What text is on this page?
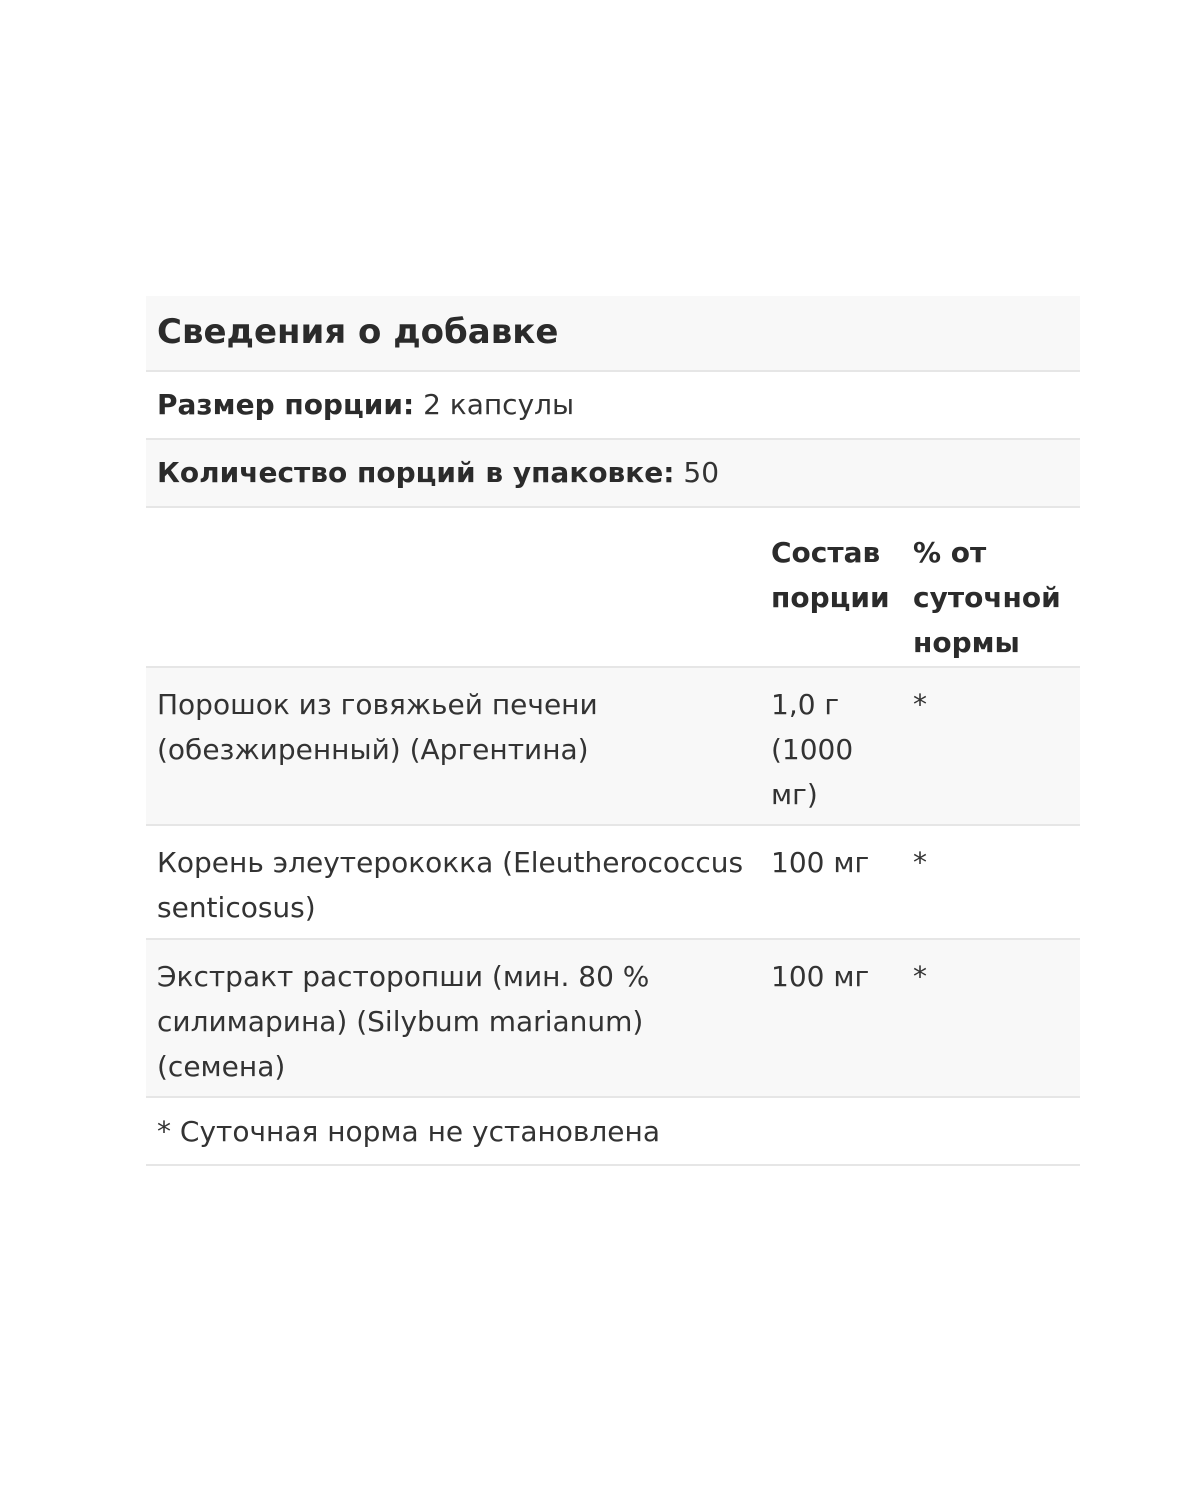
Сведения о добавке
Размер порции: 2 капсулы
Количество порций в упаковке: 50
Состав
порции
% от
суточной
нормы
Порошок из говяжьей печени
(обезжиренный) (Аргентина)
1,0 г
(1000
мг)
*
Корень элеутерококка (Eleutherococcus
senticosus)
100 мг	*
Экстракт расторопши (мин. 80 %
силимарина) (Silybum marianum)
(семена)
100 мг	*
* Суточная норма не установлена
